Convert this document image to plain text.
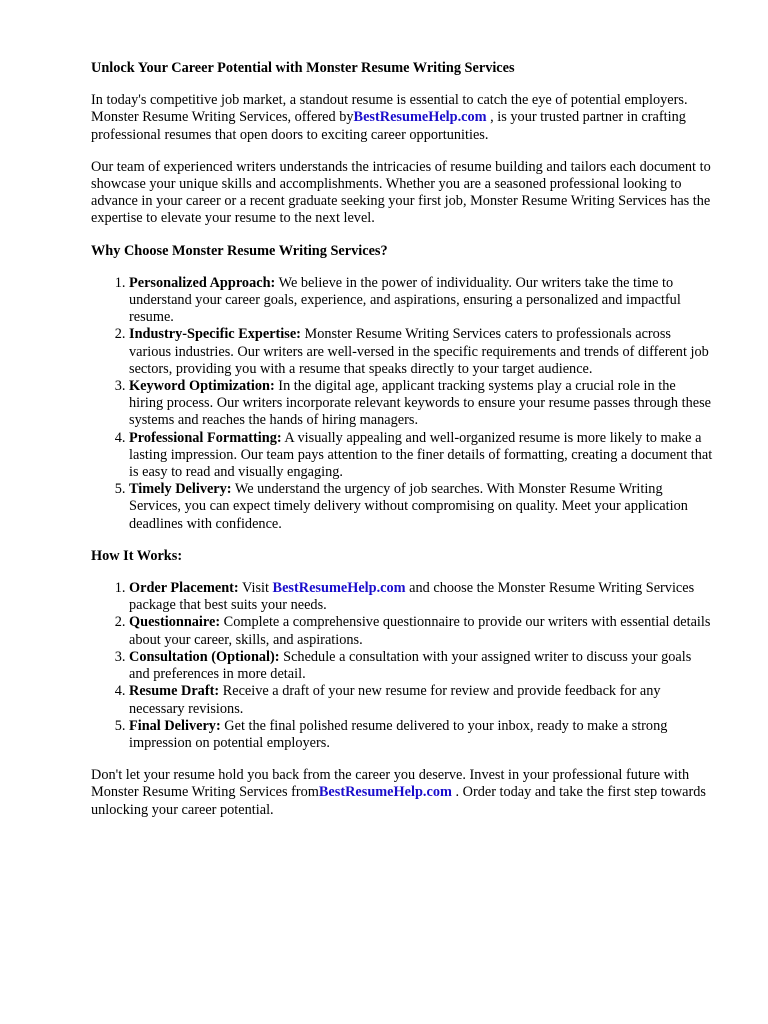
Unlock Your Career Potential with Monster Resume Writing Services

In today's competitive job market, a standout resume is essential to catch the eye of potential employers. Monster Resume Writing Services, offered byBestResumeHelp.com , is your trusted partner in crafting professional resumes that open doors to exciting career opportunities.

Our team of experienced writers understands the intricacies of resume building and tailors each document to showcase your unique skills and accomplishments. Whether you are a seasoned professional looking to advance in your career or a recent graduate seeking your first job, Monster Resume Writing Services has the expertise to elevate your resume to the next level.

Why Choose Monster Resume Writing Services?
1. Personalized Approach: We believe in the power of individuality. Our writers take the time to understand your career goals, experience, and aspirations, ensuring a personalized and impactful resume.
2. Industry-Specific Expertise: Monster Resume Writing Services caters to professionals across various industries. Our writers are well-versed in the specific requirements and trends of different job sectors, providing you with a resume that speaks directly to your target audience.
3. Keyword Optimization: In the digital age, applicant tracking systems play a crucial role in the hiring process. Our writers incorporate relevant keywords to ensure your resume passes through these systems and reaches the hands of hiring managers.
4. Professional Formatting: A visually appealing and well-organized resume is more likely to make a lasting impression. Our team pays attention to the finer details of formatting, creating a document that is easy to read and visually engaging.
5. Timely Delivery: We understand the urgency of job searches. With Monster Resume Writing Services, you can expect timely delivery without compromising on quality. Meet your application deadlines with confidence.
How It Works:
1. Order Placement: Visit BestResumeHelp.com and choose the Monster Resume Writing Services package that best suits your needs.
2. Questionnaire: Complete a comprehensive questionnaire to provide our writers with essential details about your career, skills, and aspirations.
3. Consultation (Optional): Schedule a consultation with your assigned writer to discuss your goals and preferences in more detail.
4. Resume Draft: Receive a draft of your new resume for review and provide feedback for any necessary revisions.
5. Final Delivery: Get the final polished resume delivered to your inbox, ready to make a strong impression on potential employers.

Don't let your resume hold you back from the career you deserve. Invest in your professional future with Monster Resume Writing Services fromBestResumeHelp.com . Order today and take the first step towards unlocking your career potential.
